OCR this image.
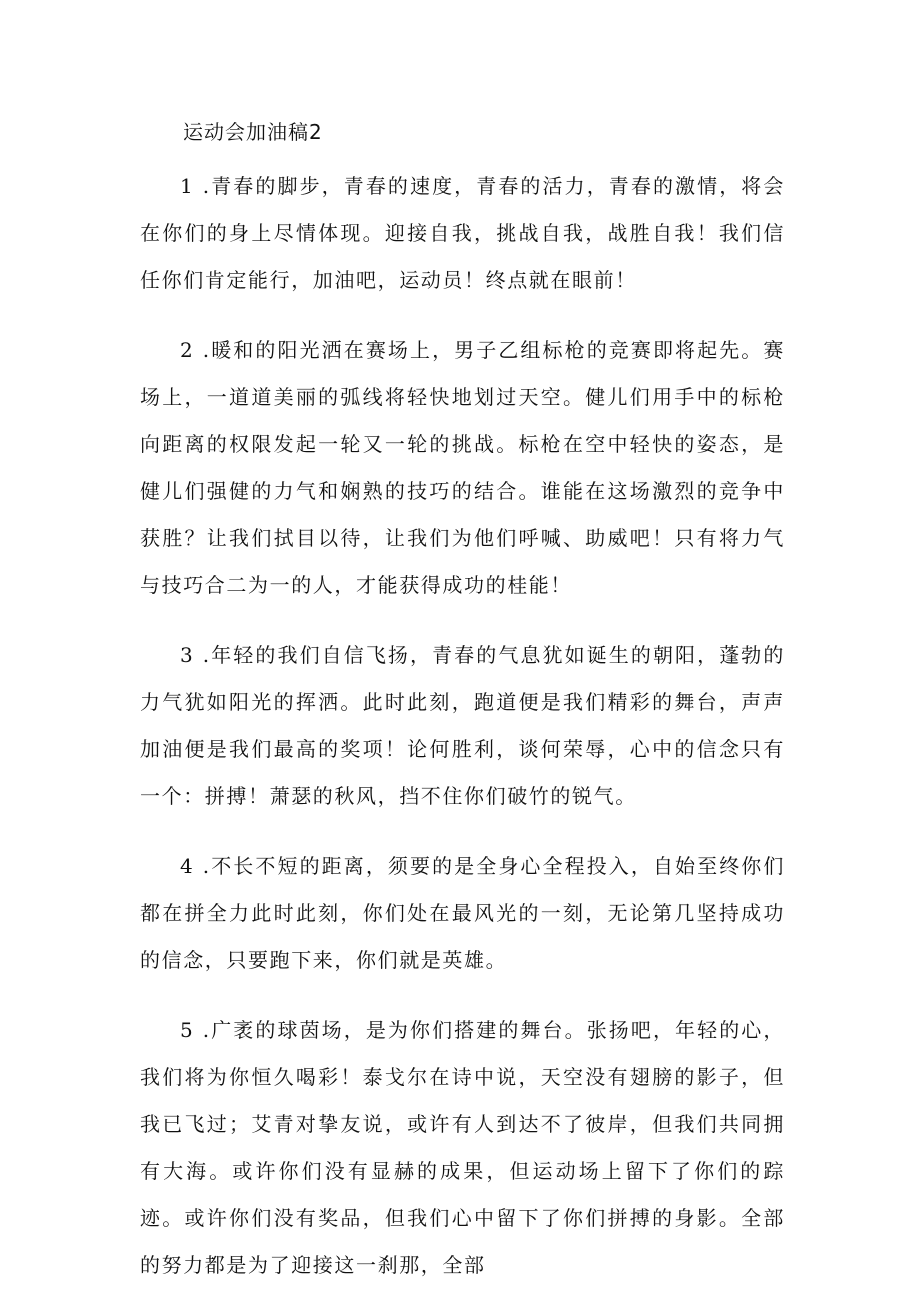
运动会加油稿2

1 .青春的脚步，青春的速度，青春的活力，青春的激情，将会在你们的身上尽情体现。迎接自我，挑战自我，战胜自我！我们信任你们肯定能行，加油吧，运动员！终点就在眼前！

2 .暖和的阳光洒在赛场上，男子乙组标枪的竞赛即将起先。赛场上，一道道美丽的弧线将轻快地划过天空。健儿们用手中的标枪向距离的权限发起一轮又一轮的挑战。标枪在空中轻快的姿态，是健儿们强健的力气和娴熟的技巧的结合。谁能在这场激烈的竞争中获胜？让我们拭目以待，让我们为他们呼喊、助威吧！只有将力气与技巧合二为一的人，才能获得成功的桂能！

3 .年轻的我们自信飞扬，青春的气息犹如诞生的朝阳，蓬勃的力气犹如阳光的挥洒。此时此刻，跑道便是我们精彩的舞台，声声加油便是我们最高的奖项！论何胜利，谈何荣辱，心中的信念只有一个：拼搏！萧瑟的秋风，挡不住你们破竹的锐气。

4 .不长不短的距离，须要的是全身心全程投入，自始至终你们都在拼全力此时此刻，你们处在最风光的一刻，无论第几坚持成功的信念，只要跑下来，你们就是英雄。

5 .广袤的球茵场，是为你们搭建的舞台。张扬吧，年轻的心，我们将为你恒久喝彩！泰戈尔在诗中说，天空没有翅膀的影子，但我已飞过；艾青对挚友说，或许有人到达不了彼岸，但我们共同拥有大海。或许你们没有显赫的成果，但运动场上留下了你们的踪迹。或许你们没有奖品，但我们心中留下了你们拼搏的身影。全部的努力都是为了迎接这一刹那，全部
